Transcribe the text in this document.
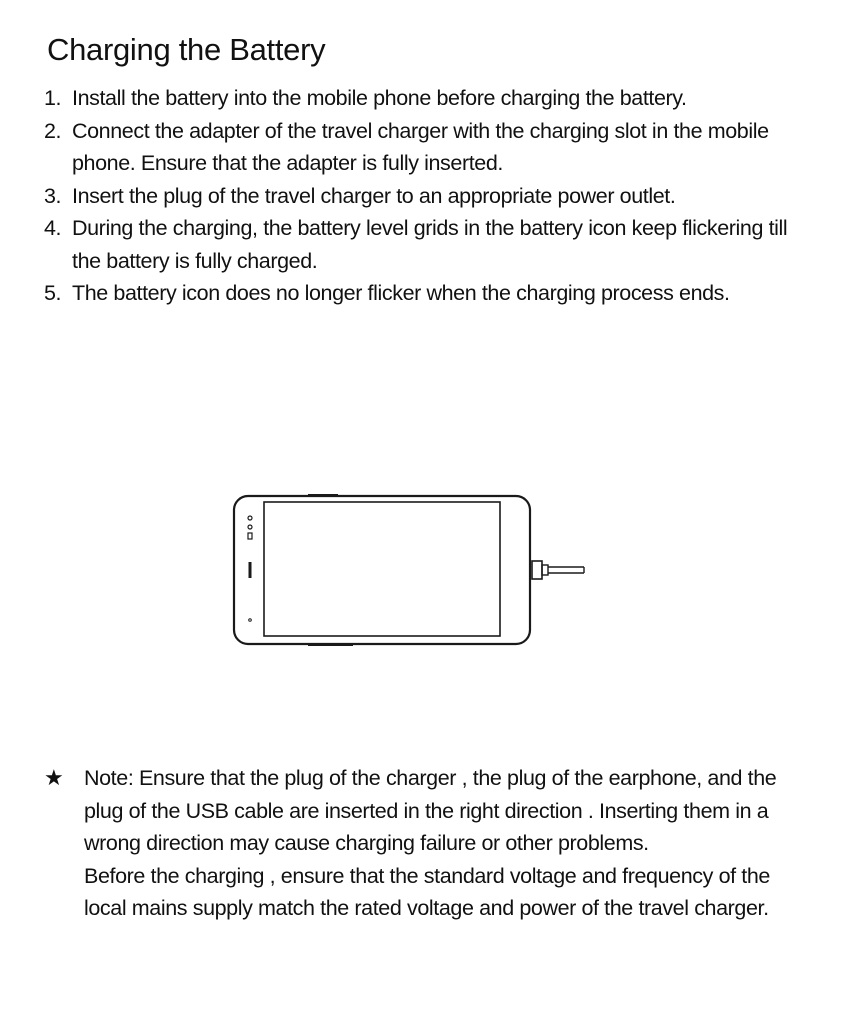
Charging the Battery
1. Install the battery into the mobile phone before charging the battery.
2. Connect the adapter of the travel charger with the charging slot in the mobile phone. Ensure that the adapter is fully inserted.
3. Insert the plug of the travel charger to an appropriate power outlet.
4. During the charging, the battery level grids in the battery icon keep flickering till the battery is fully charged.
5. The battery icon does no longer flicker when the charging process ends.
★ Note: Ensure that the plug of the charger , the plug of the earphone, and the plug of the USB cable are inserted in the right direction . Inserting them in a wrong direction may cause charging failure or other problems.

Before the charging , ensure that the standard voltage and frequency of the local mains supply match the rated voltage and power of the travel charger.
